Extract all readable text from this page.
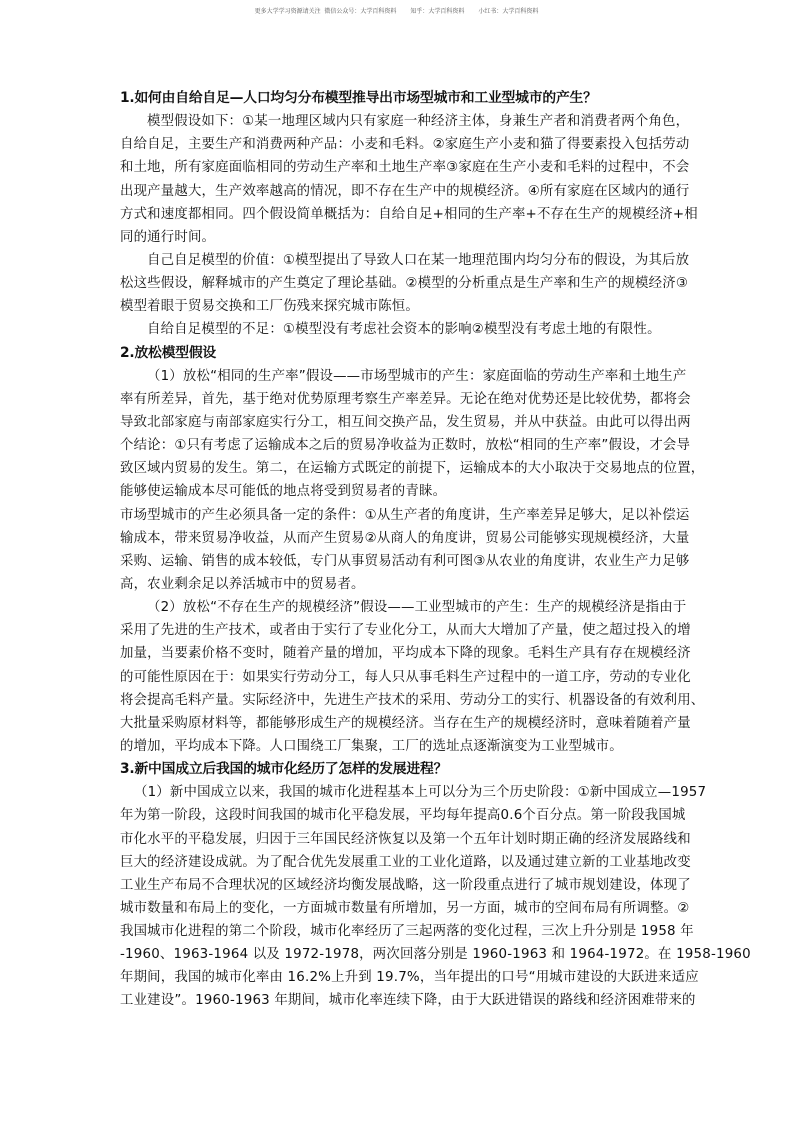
更多大学学习资源请关注  微信公众号：大学百科资料 知乎：大学百科资料 小红书：大学百科资料
1.如何由自给自足—人口均匀分布模型推导出市场型城市和工业型城市的产生？
模型假设如下：①某一地理区域内只有家庭一种经济主体，身兼生产者和消费者两个角色，
自给自足，主要生产和消费两种产品：小麦和毛料。②家庭生产小麦和猫了得要素投入包括劳动
和土地，所有家庭面临相同的劳动生产率和土地生产率③家庭在生产小麦和毛料的过程中，不会
出现产量越大，生产效率越高的情况，即不存在生产中的规模经济。④所有家庭在区域内的通行
方式和速度都相同。四个假设简单概括为：自给自足+相同的生产率+不存在生产的规模经济+相
同的通行时间。
自己自足模型的价值：①模型提出了导致人口在某一地理范围内均匀分布的假设，为其后放
松这些假设，解释城市的产生奠定了理论基础。②模型的分析重点是生产率和生产的规模经济③
模型着眼于贸易交换和工厂伤残来探究城市陈恒。
自给自足模型的不足：①模型没有考虑社会资本的影响②模型没有考虑土地的有限性。
2.放松模型假设
（1）放松“相同的生产率”假设——市场型城市的产生：家庭面临的劳动生产率和土地生产
率有所差异，首先，基于绝对优势原理考察生产率差异。无论在绝对优势还是比较优势，都将会
导致北部家庭与南部家庭实行分工，相互间交换产品，发生贸易，并从中获益。由此可以得出两
个结论：①只有考虑了运输成本之后的贸易净收益为正数时，放松“相同的生产率”假设，才会导
致区域内贸易的发生。第二，在运输方式既定的前提下，运输成本的大小取决于交易地点的位置，
能够使运输成本尽可能低的地点将受到贸易者的青睐。
市场型城市的产生必须具备一定的条件：①从生产者的角度讲，生产率差异足够大，足以补偿运
输成本，带来贸易净收益，从而产生贸易②从商人的角度讲，贸易公司能够实现规模经济，大量
采购、运输、销售的成本较低，专门从事贸易活动有利可图③从农业的角度讲，农业生产力足够
高，农业剩余足以养活城市中的贸易者。
（2）放松“不存在生产的规模经济”假设——工业型城市的产生：生产的规模经济是指由于
采用了先进的生产技术，或者由于实行了专业化分工，从而大大增加了产量，使之超过投入的增
加量，当要素价格不变时，随着产量的增加，平均成本下降的现象。毛料生产具有存在规模经济
的可能性原因在于：如果实行劳动分工，每人只从事毛料生产过程中的一道工序，劳动的专业化
将会提高毛料产量。实际经济中，先进生产技术的采用、劳动分工的实行、机器设备的有效利用、
大批量采购原材料等，都能够形成生产的规模经济。当存在生产的规模经济时，意味着随着产量
的增加，平均成本下降。人口围绕工厂集聚，工厂的选址点逐渐演变为工业型城市。
3.新中国成立后我国的城市化经历了怎样的发展进程？
（1）新中国成立以来，我国的城市化进程基本上可以分为三个历史阶段：①新中国成立—1957
年为第一阶段，这段时间我国的城市化平稳发展，平均每年提高0.6个百分点。第一阶段我国城
市化水平的平稳发展，归因于三年国民经济恢复以及第一个五年计划时期正确的经济发展路线和
巨大的经济建设成就。为了配合优先发展重工业的工业化道路，以及通过建立新的工业基地改变
工业生产布局不合理状况的区域经济均衡发展战略，这一阶段重点进行了城市规划建设，体现了
城市数量和布局上的变化，一方面城市数量有所增加，另一方面，城市的空间布局有所调整。②
我国城市化进程的第二个阶段，城市化率经历了三起两落的变化过程，三次上升分别是 1958 年
-1960、1963-1964 以及 1972-1978，两次回落分别是 1960-1963 和 1964-1972。在 1958-1960
年期间，我国的城市化率由 16.2%上升到 19.7%，当年提出的口号“用城市建设的大跃进来适应
工业建设”。1960-1963 年期间，城市化率连续下降，由于大跃进错误的路线和经济困难带来的
